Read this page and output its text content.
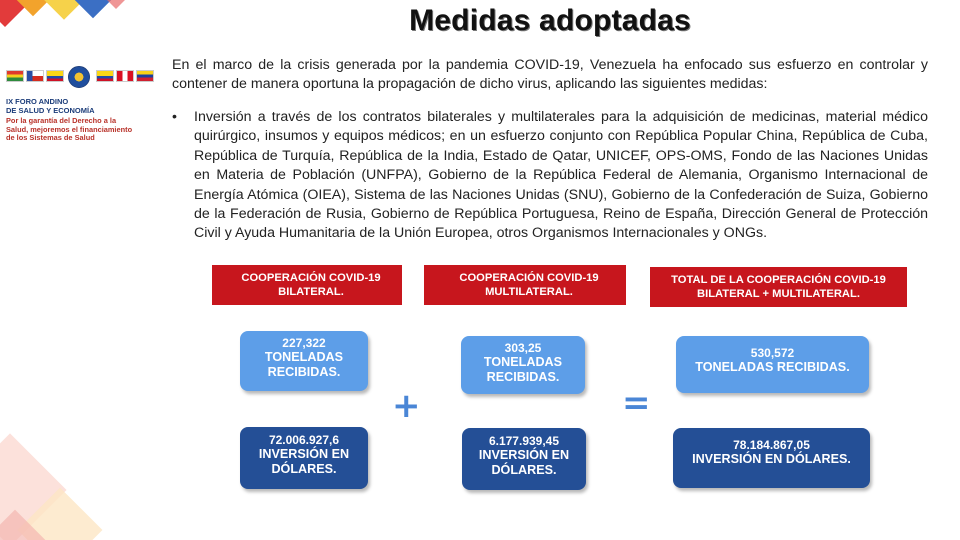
IX FORO ANDINO
DE SALUD Y ECONOMÍA
Por la garantía del Derecho a la
Salud, mejoremos el financiamiento
de los Sistemas de Salud
Medidas adoptadas
En el marco de la crisis generada por la pandemia COVID-19, Venezuela ha enfocado sus esfuerzo en controlar y contener de manera oportuna la propagación de dicho virus, aplicando las siguientes medidas:
• Inversión a través de los contratos bilaterales y multilaterales para la adquisición de medicinas, material médico quirúrgico, insumos y equipos médicos; en un esfuerzo conjunto con República Popular China, República de Cuba, República de Turquía, República de la India, Estado de Qatar, UNICEF, OPS-OMS, Fondo de las Naciones Unidas en Materia de Población (UNFPA), Gobierno de la República Federal de Alemania, Organismo Internacional de Energía Atómica (OIEA), Sistema de las Naciones Unidas (SNU), Gobierno de la Confederación de Suiza, Gobierno de la Federación de Rusia, Gobierno de República Portuguesa, Reino de España, Dirección General de Protección Civil y Ayuda Humanitaria de la Unión Europea, otros Organismos Internacionales y ONGs.
COOPERACIÓN COVID-19 BILATERAL.
COOPERACIÓN COVID-19 MULTILATERAL.
TOTAL DE LA COOPERACIÓN COVID-19 BILATERAL + MULTILATERAL.
227,322
TONELADAS RECIBIDAS.
303,25
TONELADAS RECIBIDAS.
530,572
TONELADAS RECIBIDAS.
+	=
72.006.927,6
INVERSIÓN EN DÓLARES.
6.177.939,45
INVERSIÓN EN DÓLARES.
78.184.867,05
INVERSIÓN EN DÓLARES.
